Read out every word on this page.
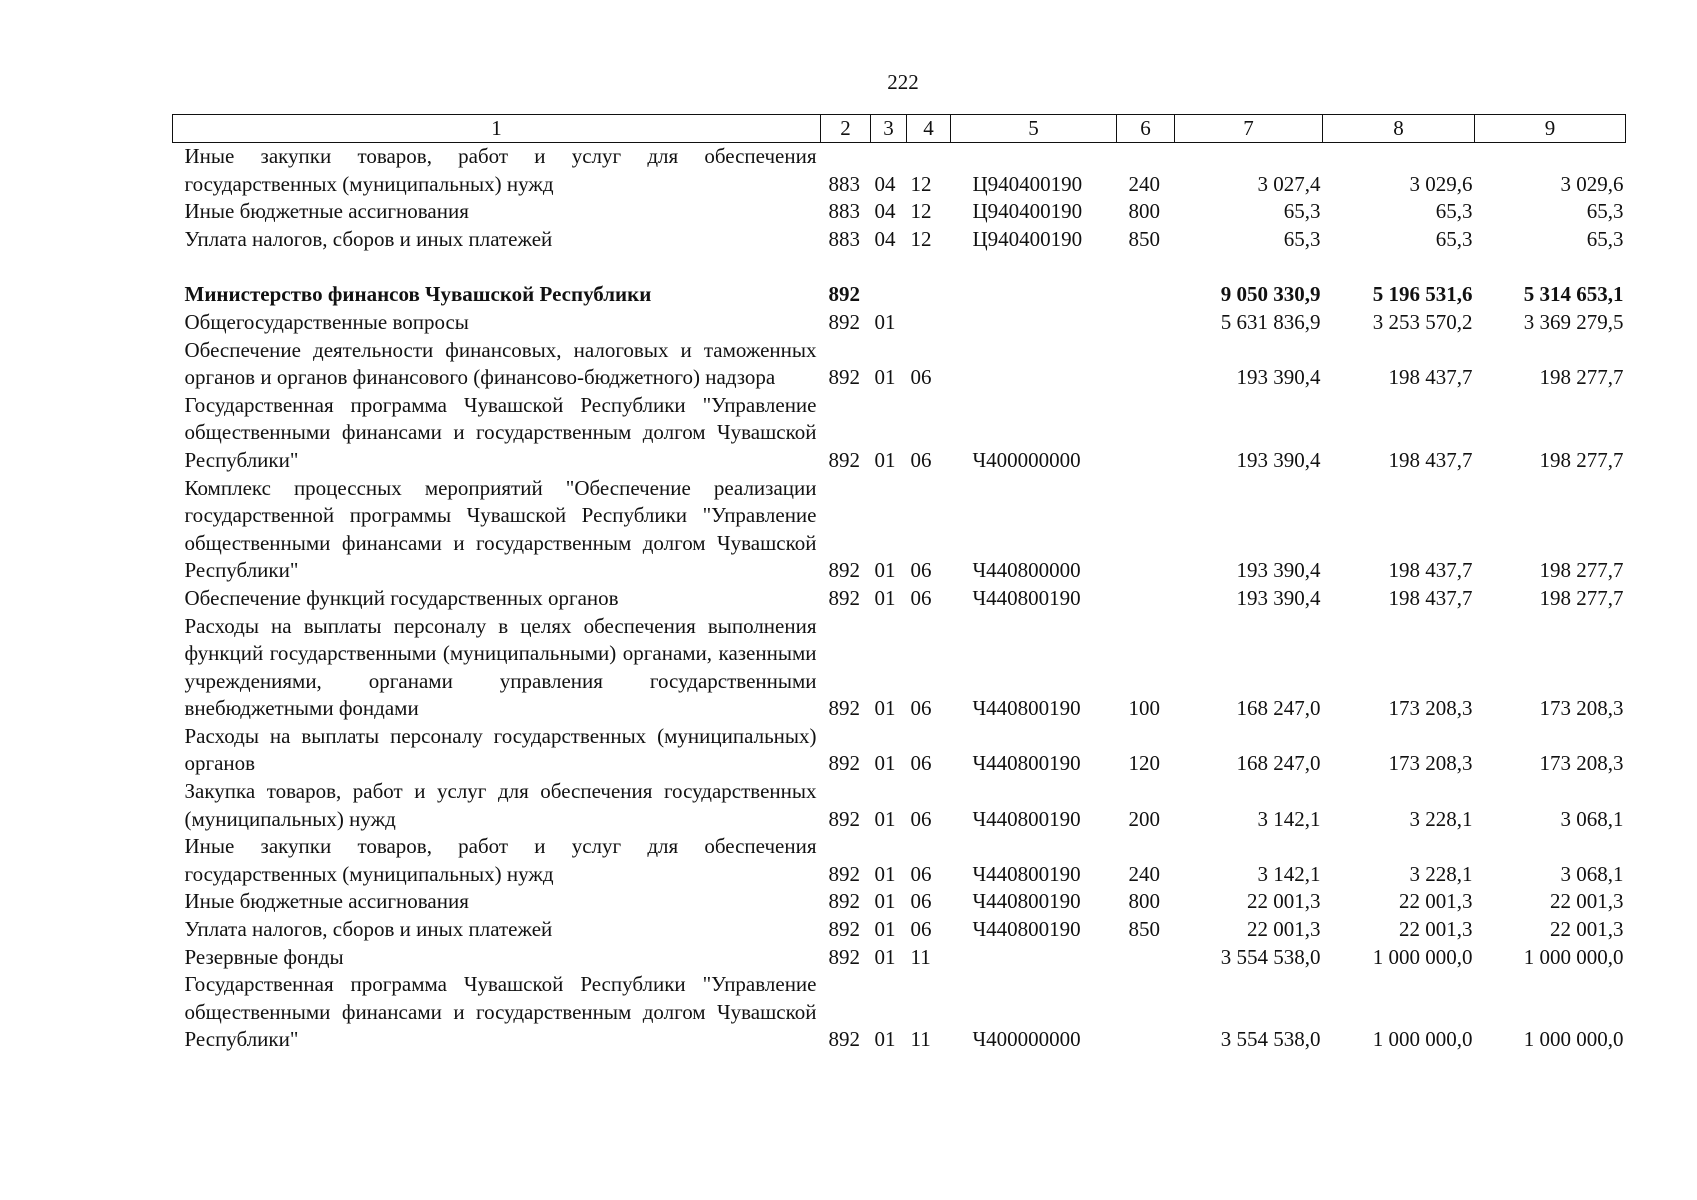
222
1	2	3	4	5	6	7	8	9
Иные закупки товаров, работ и услуг для обеспечения государственных (муниципальных) нужд	883	04	12	Ц940400190	240	3 027,4	3 029,6	3 029,6
Иные бюджетные ассигнования	883	04	12	Ц940400190	800	65,3	65,3	65,3
Уплата налогов, сборов и иных платежей	883	04	12	Ц940400190	850	65,3	65,3	65,3

Министерство финансов Чувашской Республики	892					9 050 330,9	5 196 531,6	5 314 653,1
Общегосударственные вопросы	892	01				5 631 836,9	3 253 570,2	3 369 279,5
Обеспечение деятельности финансовых, налоговых и таможенных органов и органов финансового (финансово-бюджетного) надзора	892	01	06			193 390,4	198 437,7	198 277,7
Государственная программа Чувашской Республики "Управление общественными финансами и государственным долгом Чувашской Республики"	892	01	06	Ч400000000		193 390,4	198 437,7	198 277,7
Комплекс процессных мероприятий "Обеспечение реализации государственной программы Чувашской Республики "Управление общественными финансами и государственным долгом Чувашской Республики"	892	01	06	Ч440800000		193 390,4	198 437,7	198 277,7
Обеспечение функций государственных органов	892	01	06	Ч440800190		193 390,4	198 437,7	198 277,7
Расходы на выплаты персоналу в целях обеспечения выполнения функций государственными (муниципальными) органами, казенными учреждениями, органами управления государственными внебюджетными фондами	892	01	06	Ч440800190	100	168 247,0	173 208,3	173 208,3
Расходы на выплаты персоналу государственных (муниципальных) органов	892	01	06	Ч440800190	120	168 247,0	173 208,3	173 208,3
Закупка товаров, работ и услуг для обеспечения государственных (муниципальных) нужд	892	01	06	Ч440800190	200	3 142,1	3 228,1	3 068,1
Иные закупки товаров, работ и услуг для обеспечения государственных (муниципальных) нужд	892	01	06	Ч440800190	240	3 142,1	3 228,1	3 068,1
Иные бюджетные ассигнования	892	01	06	Ч440800190	800	22 001,3	22 001,3	22 001,3
Уплата налогов, сборов и иных платежей	892	01	06	Ч440800190	850	22 001,3	22 001,3	22 001,3
Резервные фонды	892	01	11			3 554 538,0	1 000 000,0	1 000 000,0
Государственная программа Чувашской Республики "Управление общественными финансами и государственным долгом Чувашской Республики"	892	01	11	Ч400000000		3 554 538,0	1 000 000,0	1 000 000,0
